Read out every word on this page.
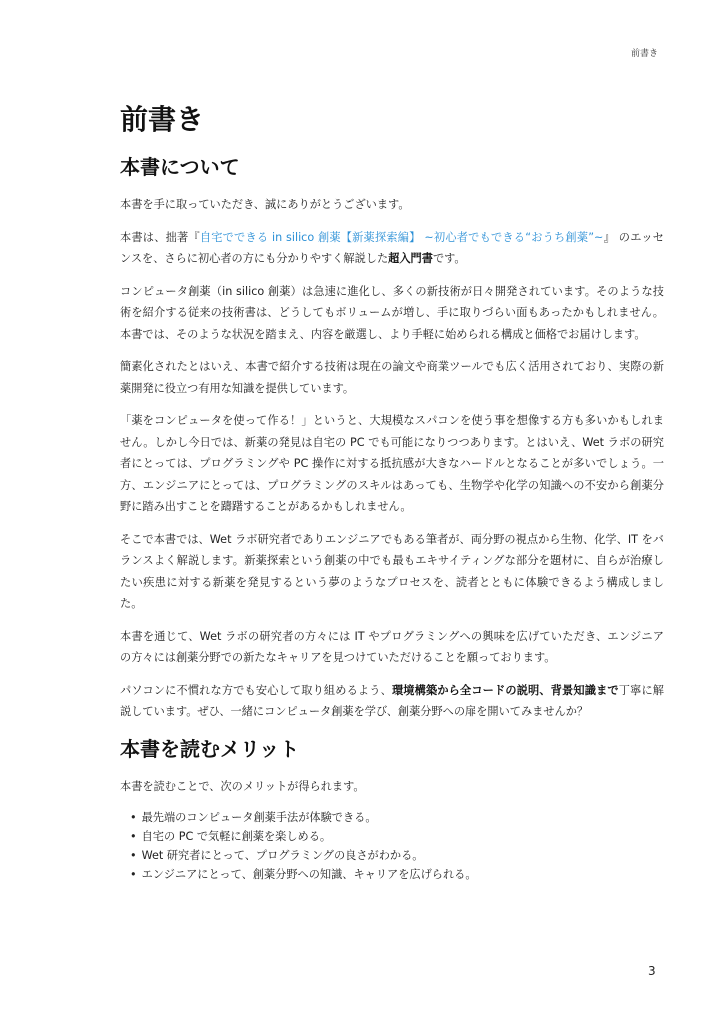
前書き
前書き
本書について

本書を手に取っていただき、誠にありがとうございます。

本書は、拙著『自宅でできる in silico 創薬【新薬探索編】 ~初心者でもできる“おうち創薬”~』 のエッセンスを、さらに初心者の方にも分かりやすく解説した超入門書です。

コンピュータ創薬（in silico 創薬）は急速に進化し、多くの新技術が日々開発されています。そのような技術を紹介する従来の技術書は、どうしてもボリュームが増し、手に取りづらい面もあったかもしれません。本書では、そのような状況を踏まえ、内容を厳選し、より手軽に始められる構成と価格でお届けします。

簡素化されたとはいえ、本書で紹介する技術は現在の論文や商業ツールでも広く活用されており、実際の新薬開発に役立つ有用な知識を提供しています。

「薬をコンピュータを使って作る！」というと、大規模なスパコンを使う事を想像する方も多いかもしれません。しかし今日では、新薬の発見は自宅の PC でも可能になりつつあります。とはいえ、Wet ラボの研究者にとっては、プログラミングや PC 操作に対する抵抗感が大きなハードルとなることが多いでしょう。一方、エンジニアにとっては、プログラミングのスキルはあっても、生物学や化学の知識への不安から創薬分野に踏み出すことを躊躇することがあるかもしれません。

そこで本書では、Wet ラボ研究者でありエンジニアでもある筆者が、両分野の視点から生物、化学、IT をバランスよく解説します。新薬探索という創薬の中でも最もエキサイティングな部分を題材に、自らが治療したい疾患に対する新薬を発見するという夢のようなプロセスを、読者とともに体験できるよう構成しました。

本書を通じて、Wet ラボの研究者の方々には IT やプログラミングへの興味を広げていただき、エンジニアの方々には創薬分野での新たなキャリアを見つけていただけることを願っております。

パソコンに不慣れな方でも安心して取り組めるよう、環境構築から全コードの説明、背景知識まで丁寧に解説しています。ぜひ、一緒にコンピュータ創薬を学び、創薬分野への扉を開いてみませんか？

本書を読むメリット

本書を読むことで、次のメリットが得られます。

• 最先端のコンピュータ創薬手法が体験できる。
• 自宅の PC で気軽に創薬を楽しめる。
• Wet 研究者にとって、プログラミングの良さがわかる。
• エンジニアにとって、創薬分野への知識、キャリアを広げられる。
3
